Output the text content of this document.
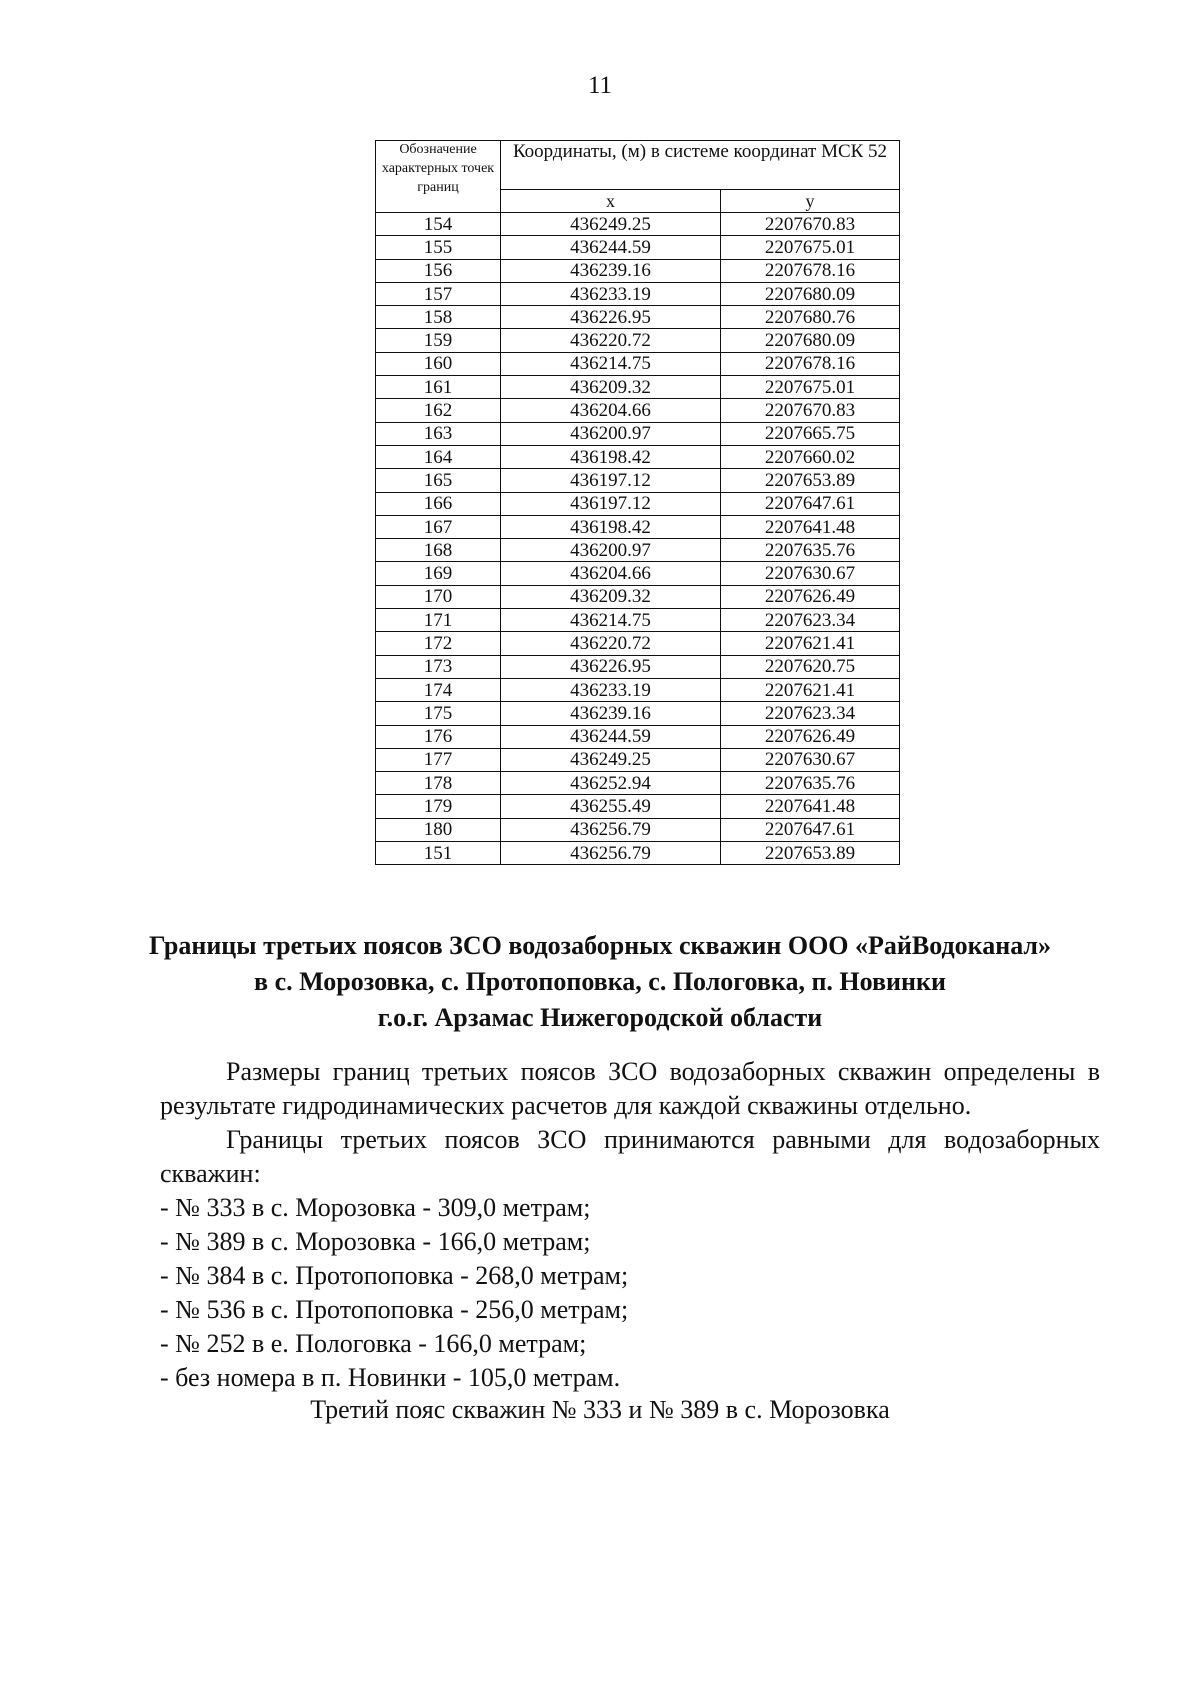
11
Обозначение характерных точек границ	Координаты, (м) в системе координат МСК 52	
	x	y
154	436249.25	2207670.83
155	436244.59	2207675.01
156	436239.16	2207678.16
157	436233.19	2207680.09
158	436226.95	2207680.76
159	436220.72	2207680.09
160	436214.75	2207678.16
161	436209.32	2207675.01
162	436204.66	2207670.83
163	436200.97	2207665.75
164	436198.42	2207660.02
165	436197.12	2207653.89
166	436197.12	2207647.61
167	436198.42	2207641.48
168	436200.97	2207635.76
169	436204.66	2207630.67
170	436209.32	2207626.49
171	436214.75	2207623.34
172	436220.72	2207621.41
173	436226.95	2207620.75
174	436233.19	2207621.41
175	436239.16	2207623.34
176	436244.59	2207626.49
177	436249.25	2207630.67
178	436252.94	2207635.76
179	436255.49	2207641.48
180	436256.79	2207647.61
151	436256.79	2207653.89
Границы третьих поясов ЗСО водозаборных скважин ООО «РайВодоканал»
в с. Морозовка, с. Протопоповка, с. Пологовка, п. Новинки
г.о.г. Арзамас Нижегородской области

Размеры границ третьих поясов ЗСО водозаборных скважин определены в результате гидродинамических расчетов для каждой скважины отдельно.

Границы третьих поясов ЗСО принимаются равными для водозаборных скважин:

- № 333 в с. Морозовка - 309,0 метрам;
- № 389 в с. Морозовка - 166,0 метрам;
- № 384 в с. Протопоповка - 268,0 метрам;
- № 536 в с. Протопоповка - 256,0 метрам;
- № 252 в е. Пологовка - 166,0 метрам;
- без номера в п. Новинки - 105,0 метрам.
Третий пояс скважин № 333 и № 389 в с. Морозовка
